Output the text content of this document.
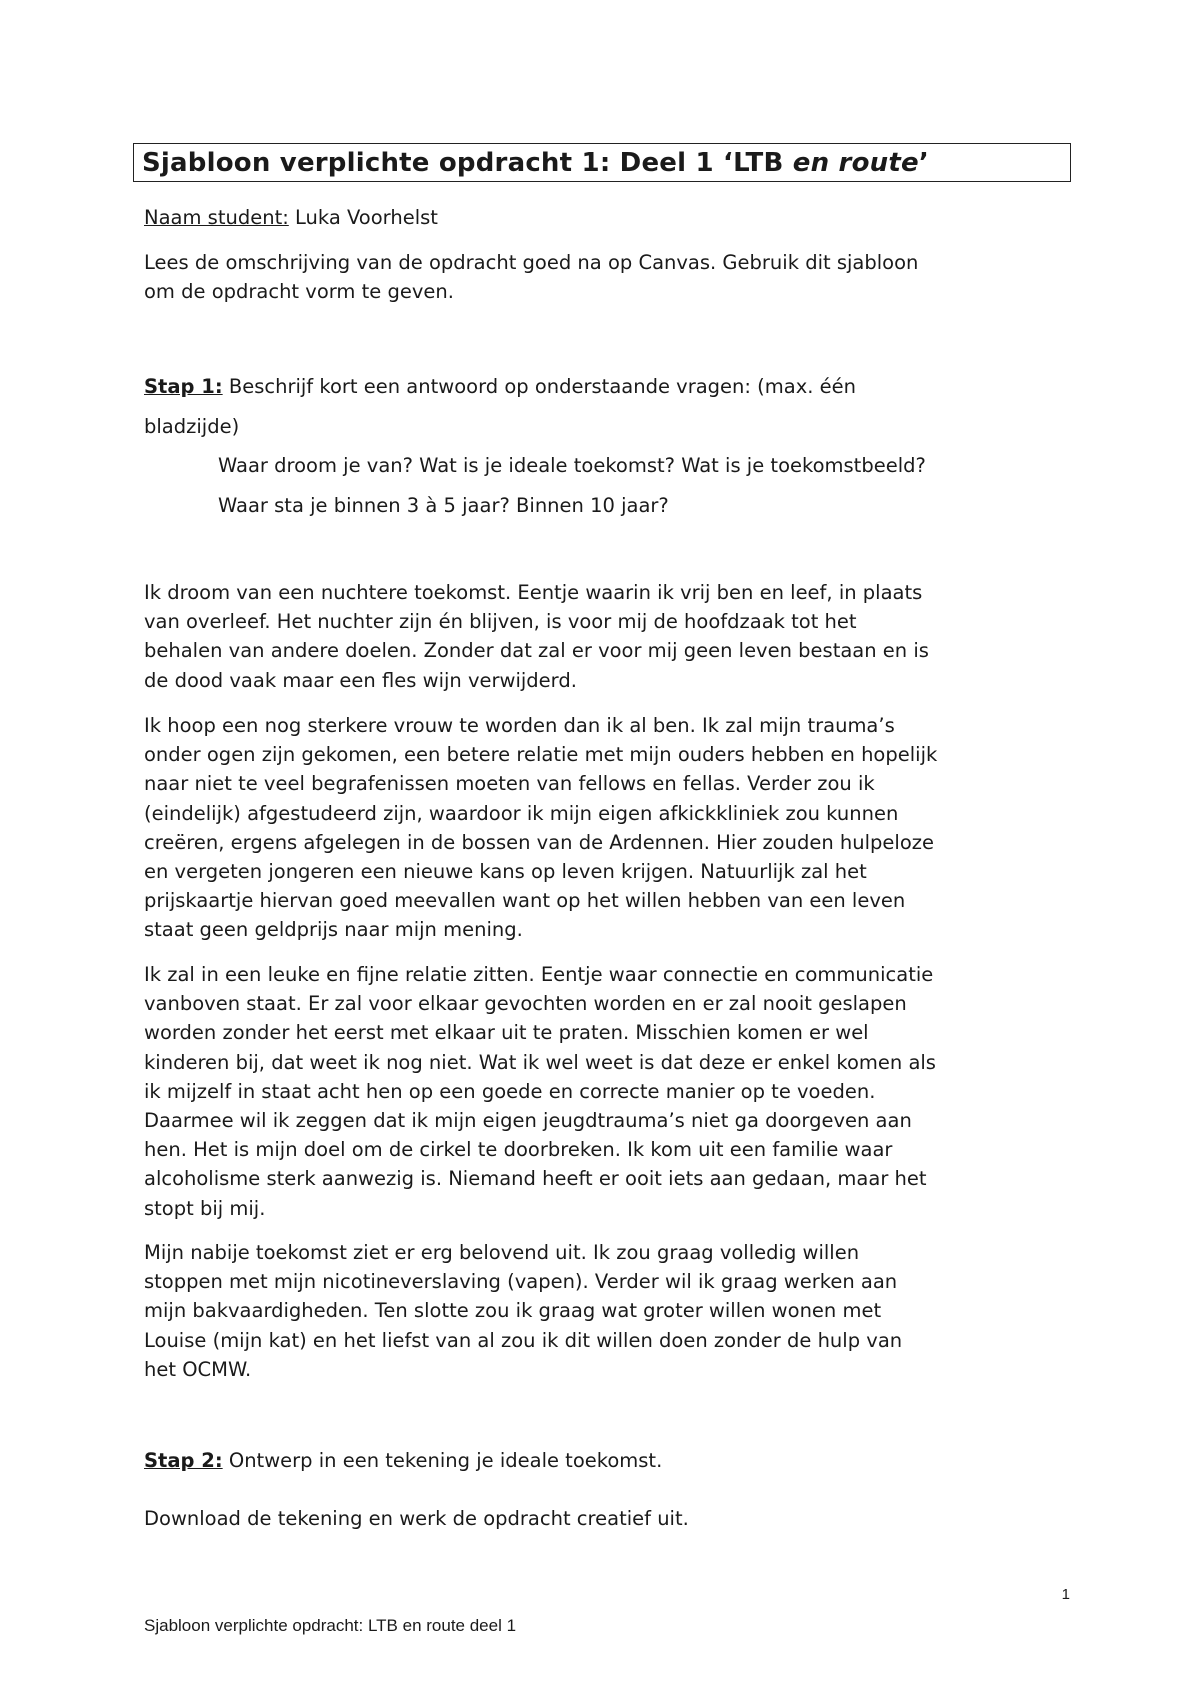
Sjabloon verplichte opdracht 1: Deel 1 ‘LTB en route’

Naam student: Luka Voorhelst

Lees de omschrijving van de opdracht goed na op Canvas. Gebruik dit sjabloon
om de opdracht vorm te geven.

Stap 1: Beschrijf kort een antwoord op onderstaande vragen: (max. één
bladzijde)

Waar droom je van? Wat is je ideale toekomst? Wat is je toekomstbeeld?

Waar sta je binnen 3 à 5 jaar? Binnen 10 jaar?

Ik droom van een nuchtere toekomst. Eentje waarin ik vrij ben en leef, in plaats
van overleef. Het nuchter zijn én blijven, is voor mij de hoofdzaak tot het
behalen van andere doelen. Zonder dat zal er voor mij geen leven bestaan en is
de dood vaak maar een fles wijn verwijderd.

Ik hoop een nog sterkere vrouw te worden dan ik al ben. Ik zal mijn trauma’s
onder ogen zijn gekomen, een betere relatie met mijn ouders hebben en hopelijk
naar niet te veel begrafenissen moeten van fellows en fellas. Verder zou ik
(eindelijk) afgestudeerd zijn, waardoor ik mijn eigen afkickkliniek zou kunnen
creëren, ergens afgelegen in de bossen van de Ardennen. Hier zouden hulpeloze
en vergeten jongeren een nieuwe kans op leven krijgen. Natuurlijk zal het
prijskaartje hiervan goed meevallen want op het willen hebben van een leven
staat geen geldprijs naar mijn mening.

Ik zal in een leuke en fijne relatie zitten. Eentje waar connectie en communicatie
vanboven staat. Er zal voor elkaar gevochten worden en er zal nooit geslapen
worden zonder het eerst met elkaar uit te praten. Misschien komen er wel
kinderen bij, dat weet ik nog niet. Wat ik wel weet is dat deze er enkel komen als
ik mijzelf in staat acht hen op een goede en correcte manier op te voeden.
Daarmee wil ik zeggen dat ik mijn eigen jeugdtrauma’s niet ga doorgeven aan
hen. Het is mijn doel om de cirkel te doorbreken. Ik kom uit een familie waar
alcoholisme sterk aanwezig is. Niemand heeft er ooit iets aan gedaan, maar het
stopt bij mij.

Mijn nabije toekomst ziet er erg belovend uit. Ik zou graag volledig willen
stoppen met mijn nicotineverslaving (vapen). Verder wil ik graag werken aan
mijn bakvaardigheden. Ten slotte zou ik graag wat groter willen wonen met
Louise (mijn kat) en het liefst van al zou ik dit willen doen zonder de hulp van
het OCMW.

Stap 2: Ontwerp in een tekening je ideale toekomst.

Download de tekening en werk de opdracht creatief uit.

1
Sjabloon verplichte opdracht: LTB en route deel 1
